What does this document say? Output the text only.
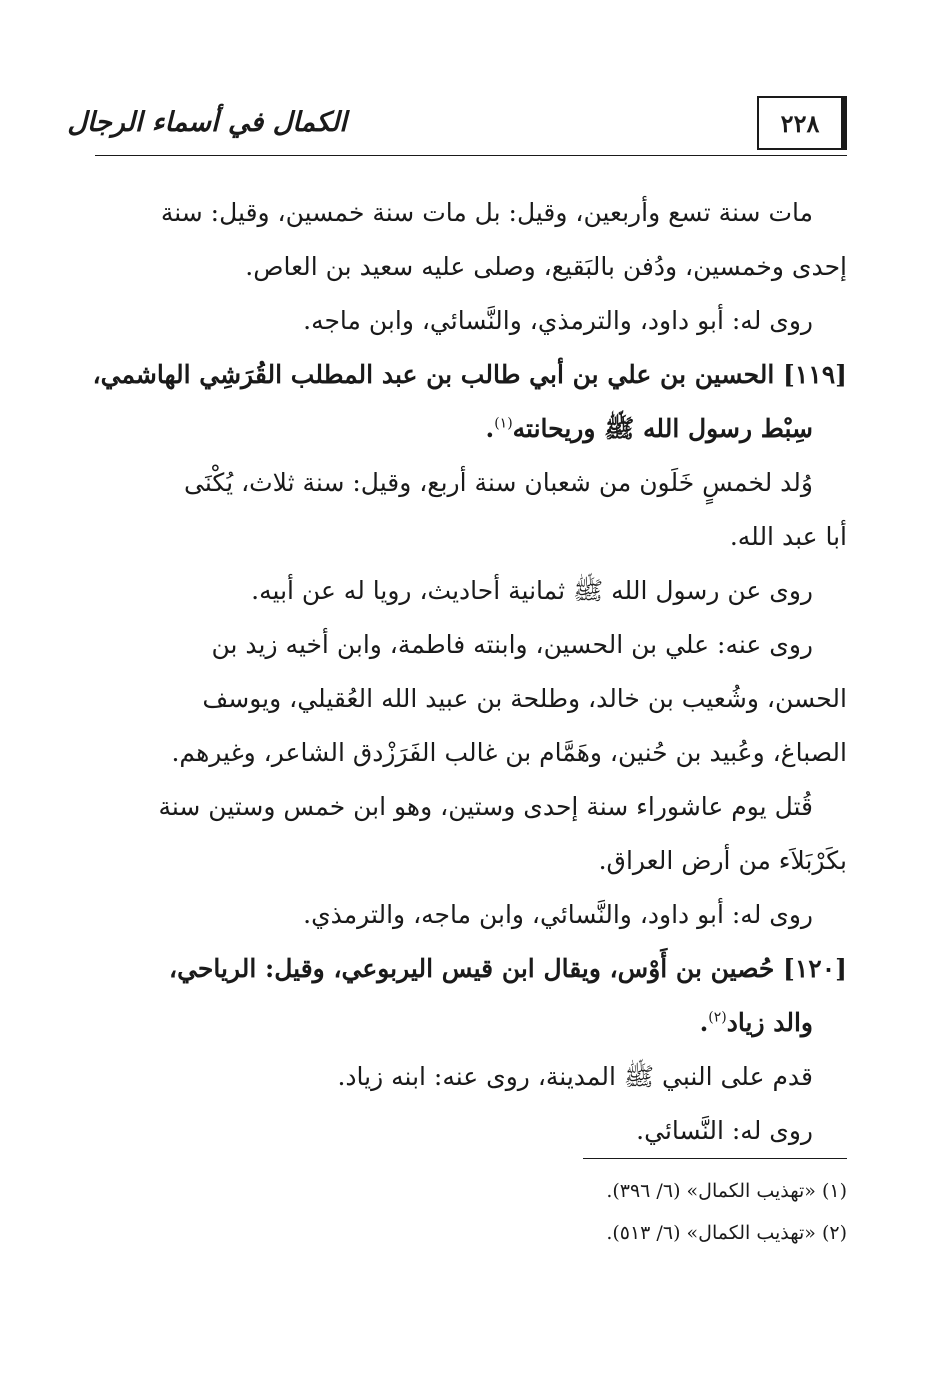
٢٢٨
الكمال في أسماء الرجال

مات سنة تسع وأربعين، وقيل: بل مات سنة خمسين، وقيل: سنة

إحدى وخمسين، ودُفن بالبَقيع، وصلى عليه سعيد بن العاص.

روى له: أبو داود، والترمذي، والنَّسائي، وابن ماجه.

[١١٩] الحسين بن علي بن أبي طالب بن عبد المطلب القُرَشِي الهاشمي،

سِبْط رسول الله ﷺ وريحانته$^{(١)}$.

وُلد لخمسٍ خَلَون من شعبان سنة أربع، وقيل: سنة ثلاث، يُكْنَى

أبا عبد الله.

روى عن رسول الله ﷺ ثمانية أحاديث، رويا له عن أبيه.

روى عنه: علي بن الحسين، وابنته فاطمة، وابن أخيه زيد بن

الحسن، وشُعيب بن خالد، وطلحة بن عبيد الله العُقيلي، ويوسف

الصباغ، وعُبيد بن حُنين، وهَمَّام بن غالب الفَرَزْدق الشاعر، وغيرهم.

قُتل يوم عاشوراء سنة إحدى وستين، وهو ابن خمس وستين سنة

بكَرْبَلاَء من أرض العراق.

روى له: أبو داود، والنَّسائي، وابن ماجه، والترمذي.

[١٢٠] حُصين بن أَوْس، ويقال ابن قيس اليربوعي، وقيل: الرياحي،

والد زياد$^{(٢)}$.

قدم على النبي ﷺ المدينة، روى عنه: ابنه زياد.

روى له: النَّسائي.

(١) «تهذيب الكمال» (٦/ ٣٩٦).

(٢) «تهذيب الكمال» (٦/ ٥١٣).
